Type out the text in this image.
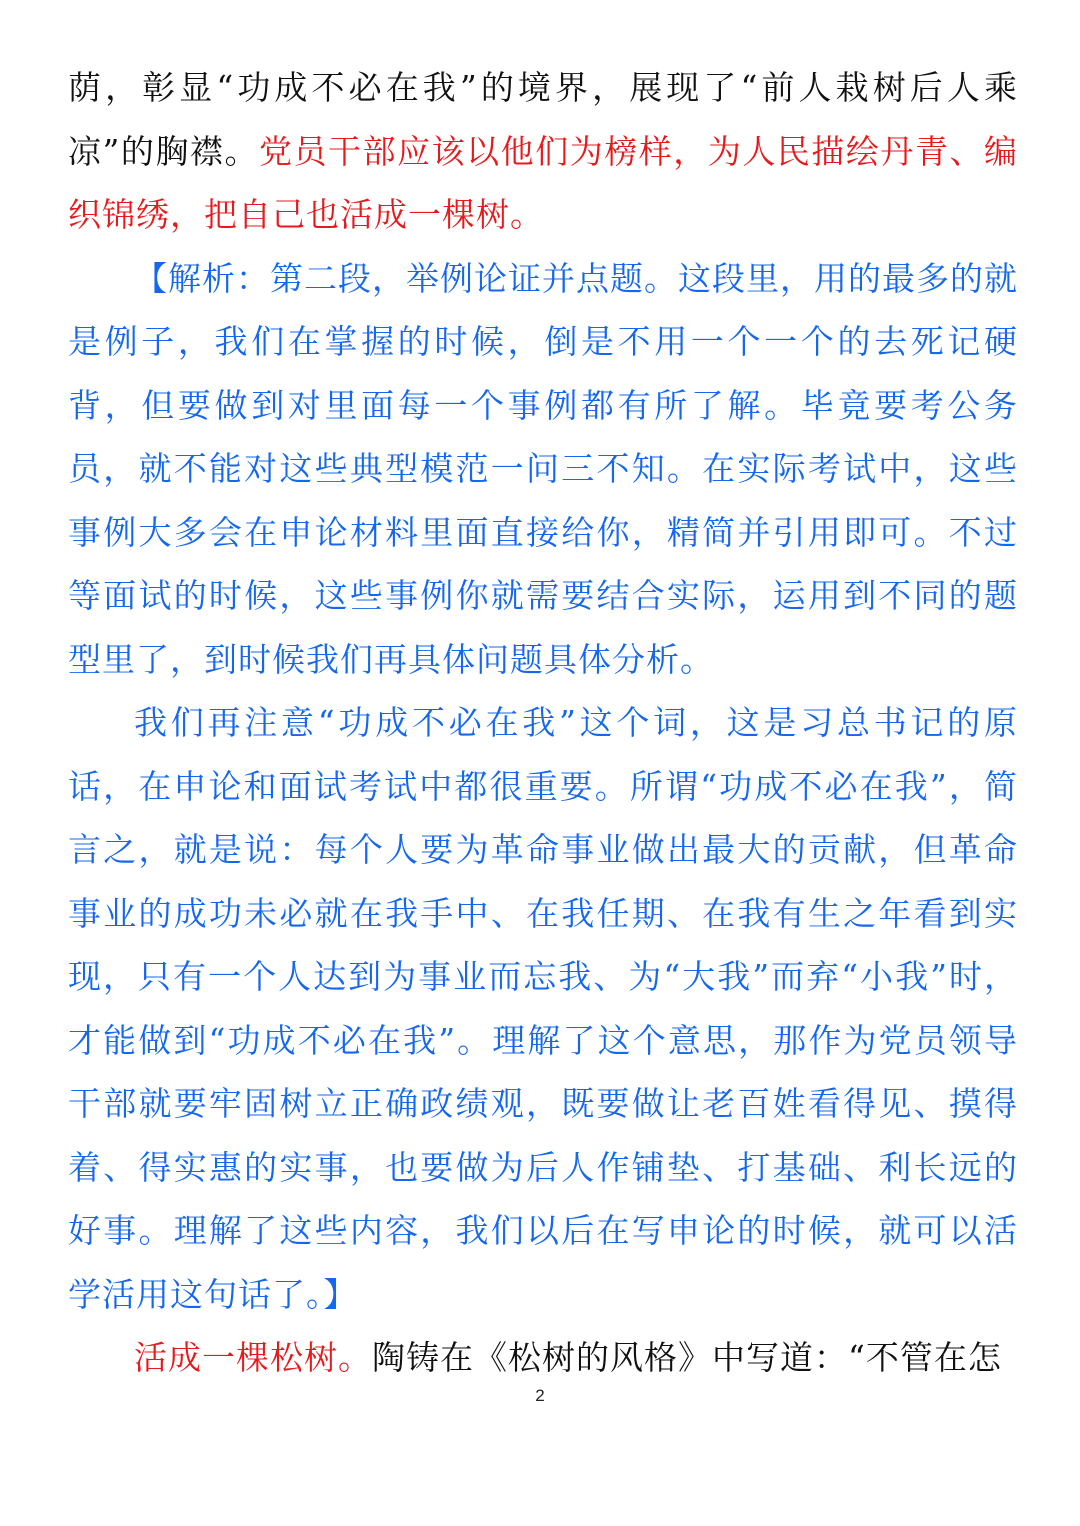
荫，彰显“功成不必在我”的境界，展现了“前人栽树后人乘凉”的胸襟。党员干部应该以他们为榜样，为人民描绘丹青、编织锦绣，把自己也活成一棵树。

【解析：第二段，举例论证并点题。这段里，用的最多的就是例子，我们在掌握的时候，倒是不用一个一个的去死记硬背，但要做到对里面每一个事例都有所了解。毕竟要考公务员，就不能对这些典型模范一问三不知。在实际考试中，这些事例大多会在申论材料里面直接给你，精简并引用即可。不过等面试的时候，这些事例你就需要结合实际，运用到不同的题型里了，到时候我们再具体问题具体分析。

我们再注意“功成不必在我”这个词，这是习总书记的原话，在申论和面试考试中都很重要。所谓“功成不必在我”，简言之，就是说：每个人要为革命事业做出最大的贡献，但革命事业的成功未必就在我手中、在我任期、在我有生之年看到实现，只有一个人达到为事业而忘我、为“大我”而弃“小我”时，才能做到“功成不必在我”。理解了这个意思，那作为党员领导干部就要牢固树立正确政绩观，既要做让老百姓看得见、摸得着、得实惠的实事，也要做为后人作铺垫、打基础、利长远的好事。理解了这些内容，我们以后在写申论的时候，就可以活学活用这句话了。】

活成一棵松树。陶铸在《松树的风格》中写道：“不管在怎

2
